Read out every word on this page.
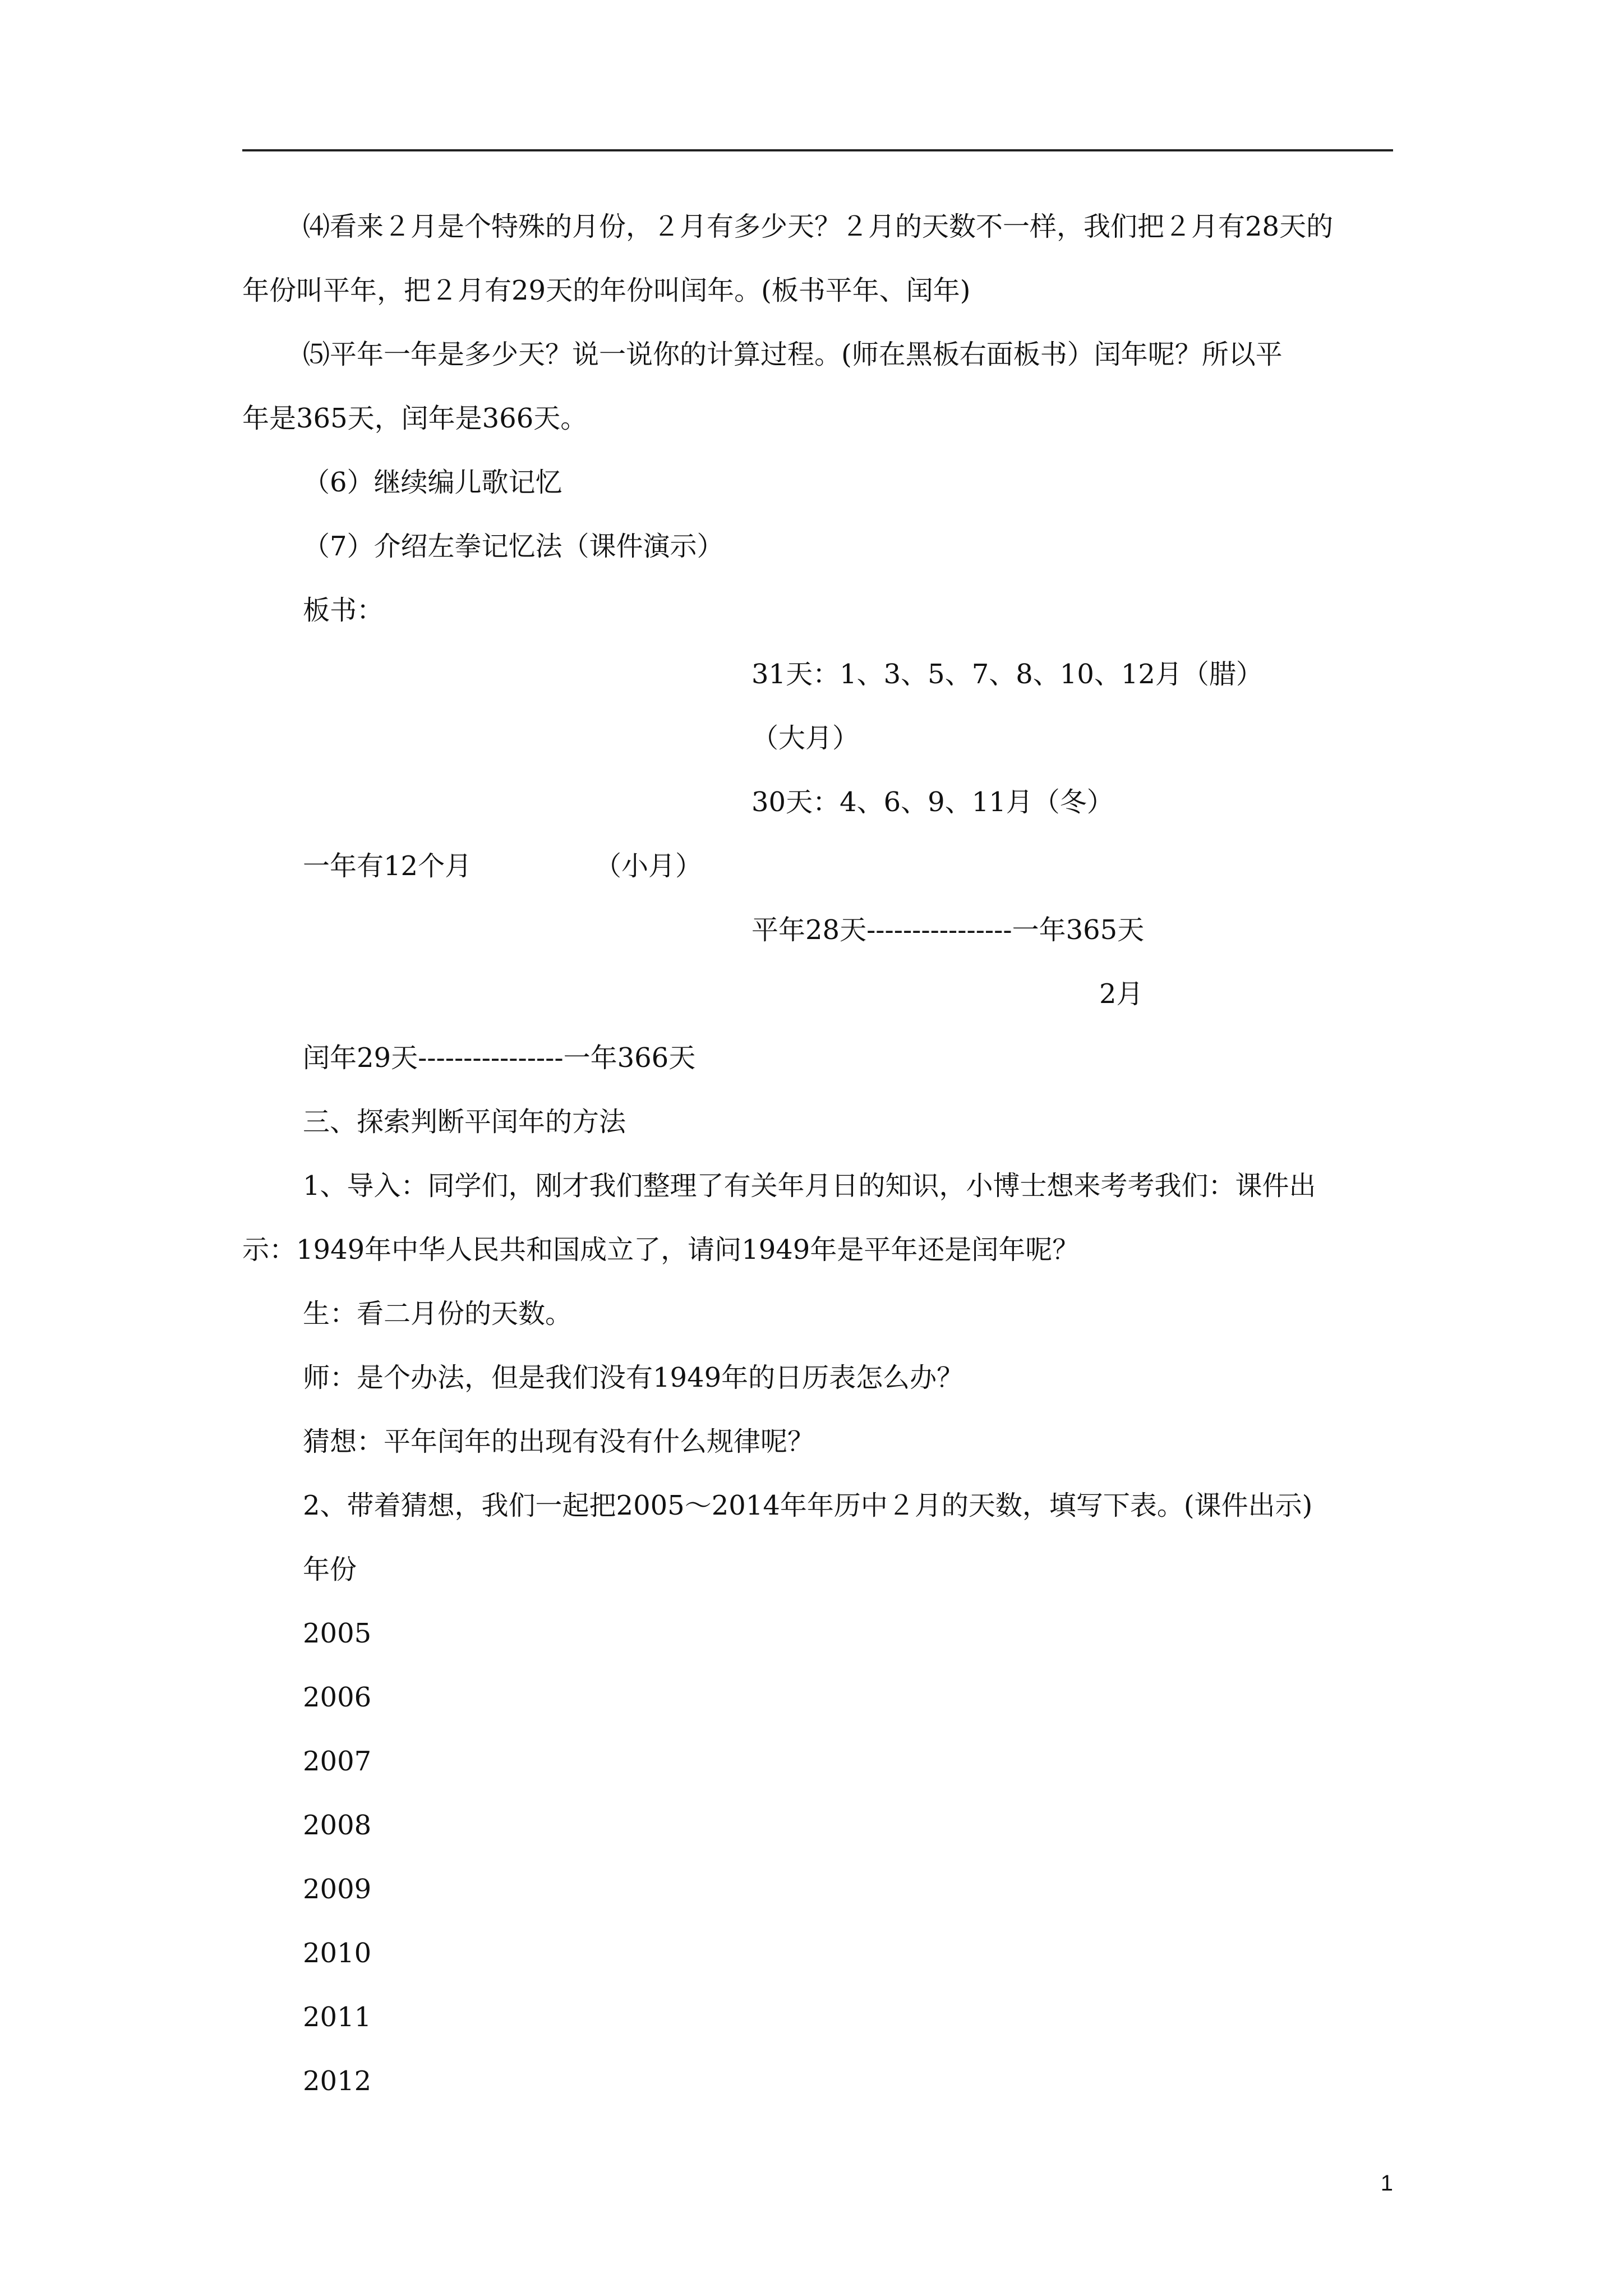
⑷看来２月是个特殊的月份，２月有多少天？２月的天数不一样，我们把２月有28天的
年份叫平年，把２月有29天的年份叫闰年。(板书平年、闰年)
⑸平年一年是多少天？说一说你的计算过程。(师在黑板右面板书）闰年呢？所以平
年是365天，闰年是366天。
（6）继续编儿歌记忆
（7）介绍左拳记忆法（课件演示）
板书：
31天：1、3、5、7、8、10、12月（腊）
（大月）
30天：4、6、9、11月（冬）
一年有12个月	（小月）
平年28天----------------一年365天
2月
闰年29天----------------一年366天
三、探索判断平闰年的方法
1、导入：同学们，刚才我们整理了有关年月日的知识，小博士想来考考我们：课件出
示：1949年中华人民共和国成立了，请问1949年是平年还是闰年呢？
生：看二月份的天数。
师：是个办法，但是我们没有1949年的日历表怎么办？
猜想：平年闰年的出现有没有什么规律呢？
2、带着猜想，我们一起把2005～2014年年历中２月的天数，填写下表。(课件出示)
年份
2005
2006
2007
2008
2009
2010
2011
2012
1
